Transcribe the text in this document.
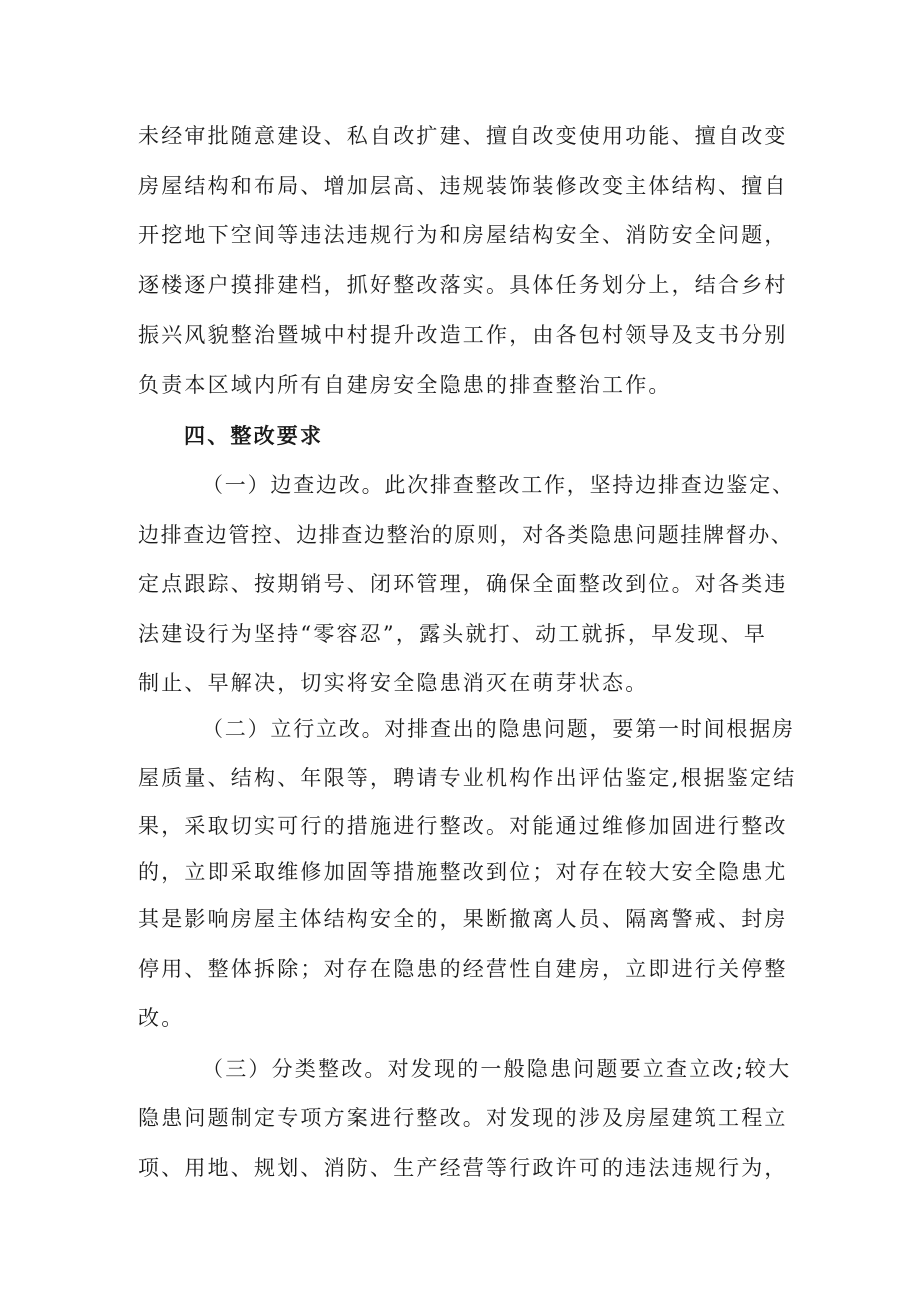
未经审批随意建设、私自改扩建、擅自改变使用功能、擅自改变
房屋结构和布局、增加层高、违规装饰装修改变主体结构、擅自
开挖地下空间等违法违规行为和房屋结构安全、消防安全问题，
逐楼逐户摸排建档，抓好整改落实。具体任务划分上，结合乡村
振兴风貌整治暨城中村提升改造工作，由各包村领导及支书分别
负责本区域内所有自建房安全隐患的排查整治工作。
四、整改要求
（一）边查边改。此次排查整改工作，坚持边排查边鉴定、
边排查边管控、边排查边整治的原则，对各类隐患问题挂牌督办、
定点跟踪、按期销号、闭环管理，确保全面整改到位。对各类违
法建设行为坚持“零容忍”，露头就打、动工就拆，早发现、早
制止、早解决，切实将安全隐患消灭在萌芽状态。
（二）立行立改。对排查出的隐患问题，要第一时间根据房
屋质量、结构、年限等，聘请专业机构作出评估鉴定,根据鉴定结
果，采取切实可行的措施进行整改。对能通过维修加固进行整改
的，立即采取维修加固等措施整改到位；对存在较大安全隐患尤
其是影响房屋主体结构安全的，果断撤离人员、隔离警戒、封房
停用、整体拆除；对存在隐患的经营性自建房，立即进行关停整
改。
（三）分类整改。对发现的一般隐患问题要立查立改;较大
隐患问题制定专项方案进行整改。对发现的涉及房屋建筑工程立
项、用地、规划、消防、生产经营等行政许可的违法违规行为，
